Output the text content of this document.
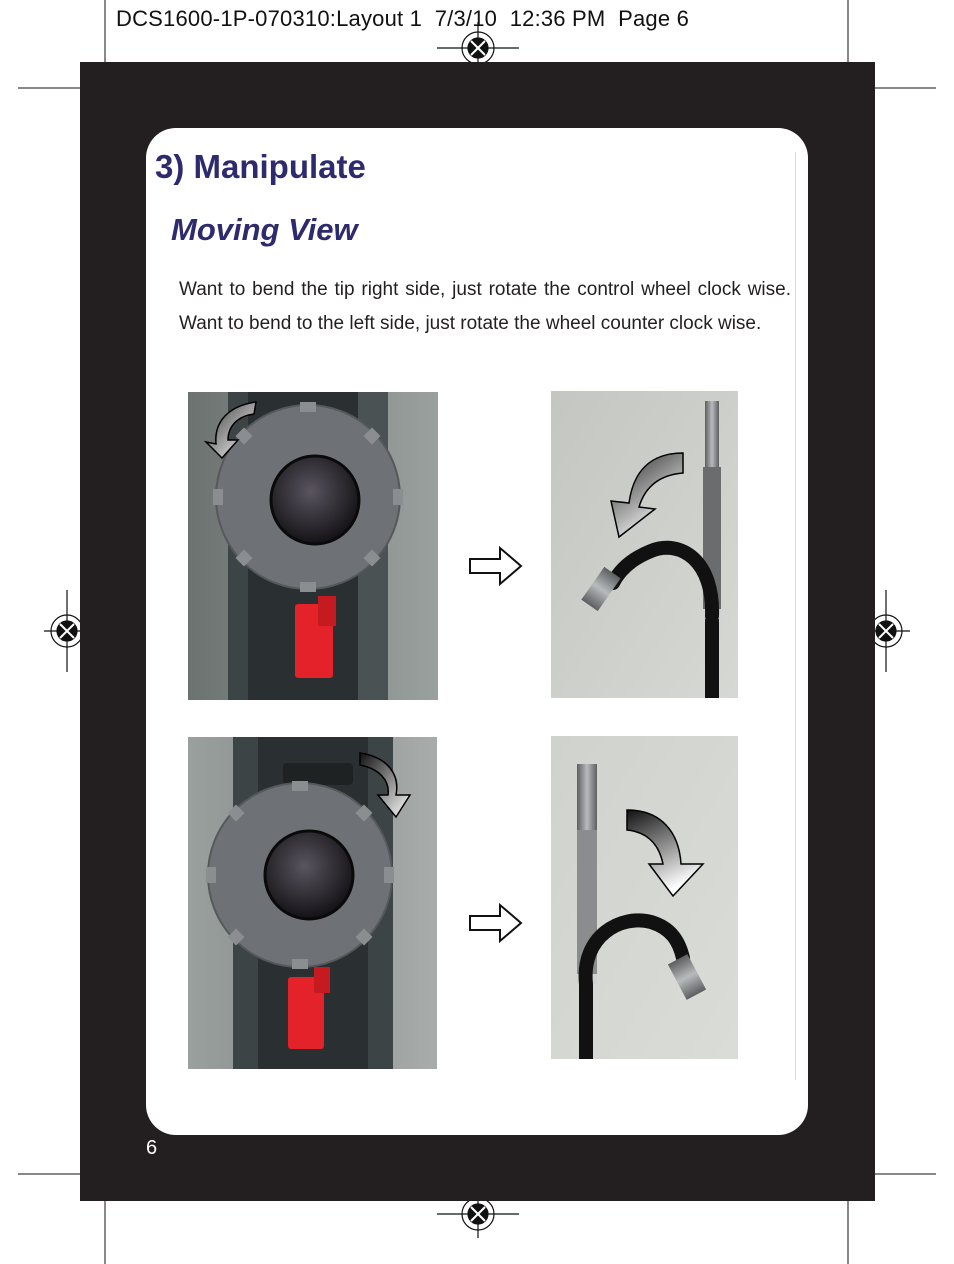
DCS1600-1P-070310:Layout 1  7/3/10  12:36 PM  Page 6
3) Manipulate
Moving View

Want to bend the tip right side, just rotate the control wheel clock wise. Want to bend to the left side, just rotate the wheel counter clock wise.

6
